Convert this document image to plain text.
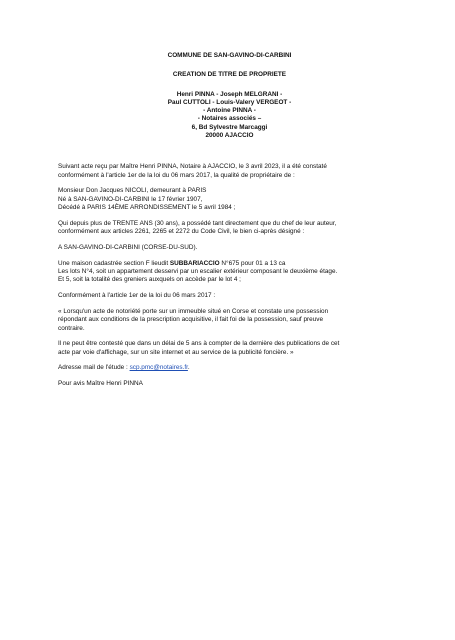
COMMUNE DE SAN-GAVINO-DI-CARBINI
CREATION DE TITRE DE PROPRIETE
Henri PINNA - Joseph MELGRANI -
Paul CUTTOLI - Louis-Valery VERGEOT -
- Antoine PINNA -
- Notaires associés –
6, Bd Sylvestre Marcaggi
20000 AJACCIO

Suivant acte reçu par Maître Henri PINNA, Notaire à AJACCIO, le 3 avril 2023, il a été constaté
conformément à l'article 1er de la loi du 06 mars 2017, la qualité de propriétaire de :

Monsieur Don Jacques NICOLI, demeurant à PARIS
Né à SAN-GAVINO-DI-CARBINI le 17 février 1907,
Décédé à PARIS 14ÈME ARRONDISSEMENT le 5 avril 1984 ;

Qui depuis plus de TRENTE ANS (30 ans), a possédé tant directement que du chef de leur auteur,
conformément aux articles 2261, 2265 et 2272 du Code Civil, le bien ci-après désigné :

A SAN-GAVINO-DI-CARBINI (CORSE-DU-SUD).

Une maison cadastrée section F lieudit SUBBARIACCIO N°675 pour 01 a 13 ca
Les lots N°4, soit un appartement desservi par un escalier extérieur composant le deuxième étage.
Et 5, soit la totalité des greniers auxquels on accède par le lot 4 ;

Conformément à l'article 1er de la loi du 06 mars 2017 :

« Lorsqu'un acte de notoriété porte sur un immeuble situé en Corse et constate une possession
répondant aux conditions de la prescription acquisitive, il fait foi de la possession, sauf preuve
contraire.

Il ne peut être contesté que dans un délai de 5 ans à compter de la dernière des publications de cet
acte par voie d'affichage, sur un site internet et au service de la publicité foncière. »

Adresse mail de l'étude : scp.pmc@notaires.fr.

Pour avis Maître Henri PINNA
